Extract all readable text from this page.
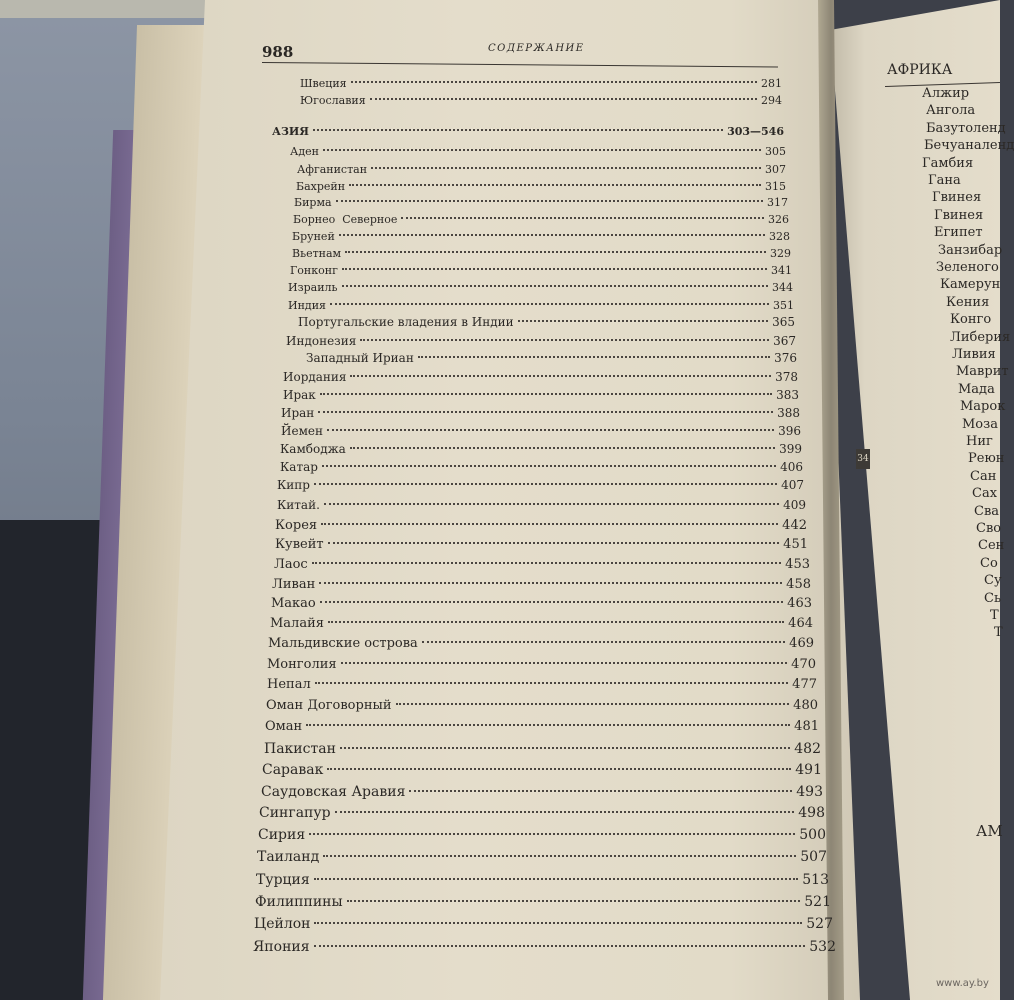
988	СОДЕРЖАНИЕ
Швеция	281
Югославия	294
АЗИЯ	303—546
Аден	305
Афганистан	307
Бахрейн	315
Бирма	317
Борнео  Северное	326
Бруней	328
Вьетнам	329
Гонконг	341
Израиль	344
Индия	351
Португальские владения в Индии	365
Индонезия	367
Западный Ириан	376
Иордания	378
Ирак	383
Иран	388
Йемен	396
Камбоджа	399
Катар	406
Кипр	407
Китай.	409
Корея	442
Кувейт	451
Лаос	453
Ливан	458
Макао	463
Малайя	464
Мальдивские острова	469
Монголия	470
Непал	477
Оман Договорный	480
Оман	481
Пакистан	482
Саравак	491
Саудовская Аравия	493
Сингапур	498
Сирия	500
Таиланд	507
Турция	513
Филиппины	521
Цейлон	527
Япония	532
АФРИКА
Алжир
Ангола
Базутоленд
Бечуаналенд
Гамбия
Гана
Гвинея
Гвинея
Египет
Занзибар
Зеленого
Камерун
Кения
Конго
Либерия
Ливия
Маврит
Мада
Марок
Моза
Ниг
Реюн
Сан
Сах
Сва
Сво
Сен
Со
Су
Сь
Т
Т
АМ
34
www.ay.by
